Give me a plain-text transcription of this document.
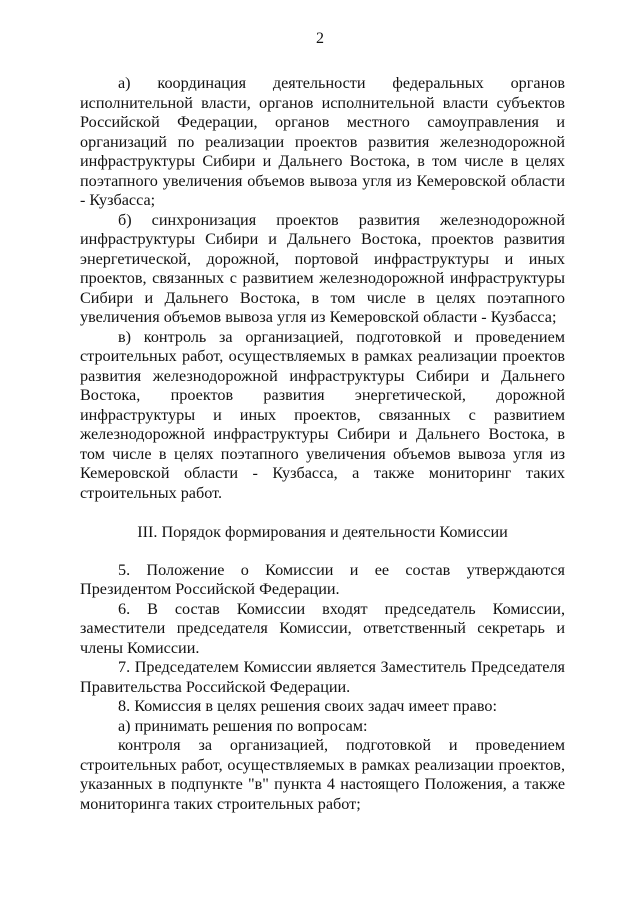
2

а) координация деятельности федеральных органов исполнительной власти, органов исполнительной власти субъектов Российской Федерации, органов местного самоуправления и организаций по реализации проектов развития железнодорожной инфраструктуры Сибири и Дальнего Востока, в том числе в целях поэтапного увеличения объемов вывоза угля из Кемеровской области - Кузбасса;

б) синхронизация проектов развития железнодорожной инфраструктуры Сибири и Дальнего Востока, проектов развития энергетической, дорожной, портовой инфраструктуры и иных проектов, связанных с развитием железнодорожной инфраструктуры Сибири и Дальнего Востока, в том числе в целях поэтапного увеличения объемов вывоза угля из Кемеровской области - Кузбасса;

в) контроль за организацией, подготовкой и проведением строительных работ, осуществляемых в рамках реализации проектов развития железнодорожной инфраструктуры Сибири и Дальнего Востока, проектов развития энергетической, дорожной инфраструктуры и иных проектов, связанных с развитием железнодорожной инфраструктуры Сибири и Дальнего Востока, в том числе в целях поэтапного увеличения объемов вывоза угля из Кемеровской области - Кузбасса, а также мониторинг таких строительных работ.

III. Порядок формирования и деятельности Комиссии

5. Положение о Комиссии и ее состав утверждаются Президентом Российской Федерации.

6. В состав Комиссии входят председатель Комиссии, заместители председателя Комиссии, ответственный секретарь и члены Комиссии.

7. Председателем Комиссии является Заместитель Председателя Правительства Российской Федерации.

8. Комиссия в целях решения своих задач имеет право:

а) принимать решения по вопросам:

контроля за организацией, подготовкой и проведением строительных работ, осуществляемых в рамках реализации проектов, указанных в подпункте "в" пункта 4 настоящего Положения, а также мониторинга таких строительных работ;
